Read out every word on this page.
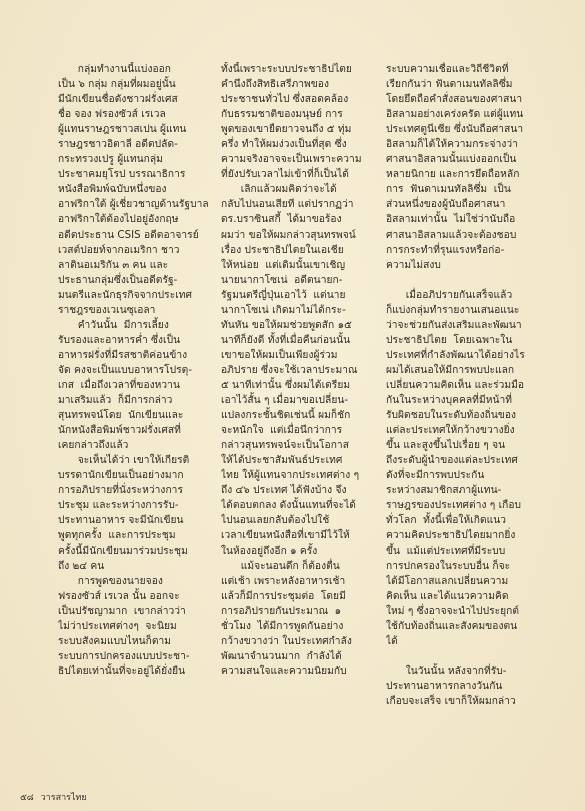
กลุ่มทำงานนี้แบ่งออก

เป็น ๖ กลุ่ม กลุ่มที่ผมอยู่นั้น

มีนักเขียนชื่อดังชาวฝรั่งเศส

ชื่อ จอง ฟรองซัวส์ เรเวล

ผู้แทนราษฎรชาวสเปน ผู้แทน

ราษฎรชาวอิตาลี อดีตปลัด-

กระทรวงเปรู ผู้แทนกลุ่ม

ประชาคมยุโรป บรรณาธิการ

หนังสือพิมพ์ฉบับหนึ่งของ

อาฟริกาใต้ ผู้เชี่ยวชาญด้านรัฐบาล

อาฟริกาใต้ต้องไปอยู่อังกฤษ

อดีตประธาน CSIS อดีตอาจารย์

เวสต์ปอยท์จากอเมริกา ชาว

ลาตินอเมริกัน ๓ คน และ

ประธานกลุ่มซึ่งเป็นอดีตรัฐ-

มนตรีและนักธุรกิจจากประเทศ

ราชฎรของเวเนซุเอลา

คำวันนั้น  มีการเลี้ยง

รับรองและอาหารค่ำ ซึ่งเป็น

อาหารฝรั่งที่มีรสชาติค่อนข้าง

จัด คงจะเป็นแบบอาหารโปรตุ-

เกส  เมื่อถึงเวลาที่ของหวาน

มาเสริมแล้ว  ก็มีการกล่าว

สุนทรพจน์โดย  นักเขียนและ

นักหนังสือพิมพ์ชาวฝรั่งเศสที่

เคยกล่าวถึงแล้ว

จะเห็นได้ว่า เขาให้เกียรติ

บรรดานักเขียนเป็นอย่างมาก

การอภิปรายที่นั่งระหว่างการ

ประชุม และระหว่างการรับ-

ประทานอาหาร จะมีนักเขียน

พูดทุกครั้ง  และการประชุม

ครั้งนี้มีนักเขียนมาร่วมประชุม

ถึง ๒๔ คน

การพูดของนายจอง

ฟรองซัวส์ เรเวล นั้น ออกจะ

เป็นปรัชญามาก  เขากล่าวว่า

ไม่ว่าประเทศต่างๆ  จะนิยม

ระบบสังคมแบบไหนก็ตาม

ระบบการปกครองแบบประชา-

ธิปไตยเท่านั้นที่จะอยู่ได้ยั่งยืน

ทั้งนี้เพราะระบบประชาธิปไตย

คำนึงถึงสิทธิเสรีภาพของ

ประชาชนทั่วไป ซึ่งสอดคล้อง

กับธรรมชาติของมนุษย์ การ

พูดของเขายืดยาวจนถึง ๕ ทุ่ม

ครึ่ง ทำให้ผมง่วงเป็นที่สุด ซึ่ง

ความจริงอาจจะเป็นเพราะความ

ที่ยังปรับเวลาไม่เข้าที่ก็เป็นได้

เลิกแล้วผมคิดว่าจะได้

กลับไปนอนเสียที แต่ปรากฏว่า

ดร.บราซินสกี้  ได้มาขอร้อง

ผมว่า ขอให้ผมกล่าวสุนทรพจน์

เรื่อง ประชาธิปไตยในเอเชีย

ให้หน่อย  แต่เดิมนั้นเขาเชิญ

นายนากาโซเน่  อดีตนายก-

รัฐมนตรีญี่ปุ่นเอาไว้  แต่นาย

นากาโซเน่ เกิดมาไม่ได้กระ-

ทันหัน ขอให้ผมช่วยพูดสัก ๑๕

นาทีก็ยังดี ทั้งที่เมื่อคืนก่อนนั้น

เขาขอให้ผมเป็นเพียงผู้ร่วม

อภิปราย ซึ่งจะใช้เวลาประมาณ

๕ นาทีเท่านั้น ซึ่งผมได้เตรียม

เอาไว้สั้น ๆ เมื่อมาขอเปลี่ยน-

แปลงกระชั้นชิดเช่นนี้ ผมก็ชัก

จะหนักใจ  แต่เมื่อนึกว่าการ

กล่าวสุนทรพจน์จะเป็นโอกาส

ให้ได้ประชาสัมพันธ์ประเทศ

ไทย ให้ผู้แทนจากประเทศต่าง ๆ

ถึง ๔๖ ประเทศ ได้ฟังบ้าง จึง

ได้ตอบตกลง ดังนั้นแทนที่จะได้

ไปนอนเลยกลับต้องไปใช้

เวลาเขียนหนังสือที่เขามีไว้ให้

ในห้องอยู่ถึงอีก ๑ ครั้ง

แม้จะนอนดึก ก็ต้องตื่น

แต่เช้า เพราะหลังอาหารเช้า

แล้วก็มีการประชุมต่อ  โดยมี

การอภิปรายกันประมาณ  ๑

ชั่วโมง  ได้มีการพูดกันอย่าง

กว้างขวางว่า ในประเทศกำลัง

พัฒนาจำนวนมาก  กำลังได้

ความสนใจและความนิยมกับ

ระบบความเชื่อและวิถีชีวิตที่

เรียกกันว่า ฟันดาเมนทัลลิซึ่ม

โดยยึดถือคำสั่งสอนของศาสนา

อิสลามอย่างเคร่งครัด แต่ผู้แทน

ประเทศตูนีเซีย ซึ่งนับถือศาสนา

อิสลามก็ได้ให้ความกระจ่างว่า

ศาสนาอิสลามนั้นแบ่งออกเป็น

หลายนิกาย และการยึดถือหลัก

การ  ฟันดาเมนทัลลิซึ่ม  เป็น

ส่วนหนึ่งของผู้นับถือศาสนา

อิสลามเท่านั้น  ไม่ใช่ว่านับถือ

ศาสนาอิสลามแล้วจะต้องชอบ

การกระทำที่รุนแรงหรือก่อ-

ความไม่สงบ

เมื่ออภิปรายกันเสร็จแล้ว

ก็แบ่งกลุ่มทำรายงานเสนอแนะ

ว่าจะช่วยกันส่งเสริมและพัฒนา

ประชาธิปไตย  โดยเฉพาะใน

ประเทศที่กำลังพัฒนาได้อย่างไร

ผมได้เสนอให้มีการพบปะแลก

เปลี่ยนความคิดเห็น และร่วมมือ

กันในระหว่างบุคคลที่มีหน้าที่

รับผิดชอบในระดับท้องถิ่นของ

แต่ละประเทศให้กว้างขวางยิ่ง

ขึ้น และสูงขึ้นไปเรื่อย ๆ จน

ถึงระดับผู้นำของแต่ละประเทศ

ดังที่จะมีการพบประกัน

ระหว่างสมาชิกสภาผู้แทน-

ราษฎรของประเทศต่าง ๆ เกือบ

ทั่วโลก  ทั้งนี้เพื่อให้เกิดแนว

ความคิดประชาธิปไตยมากยิ่ง

ขึ้น  แม้แต่ประเทศที่มีระบบ

การปกครองในระบบอื่น ก็จะ

ได้มีโอกาสแลกเปลี่ยนความ

คิดเห็น และได้แนวความคิด

ใหม่ ๆ ซึ่งอาจจะนำไปประยุกต์

ใช้กับท้องถิ่นและสังคมของตน

ได้

ในวันนั้น หลังจากที่รับ-

ประทานอาหารกลางวันกัน

เกือบจะเสร็จ เขาก็ให้ผมกล่าว

๕๘ วารสารไทย
